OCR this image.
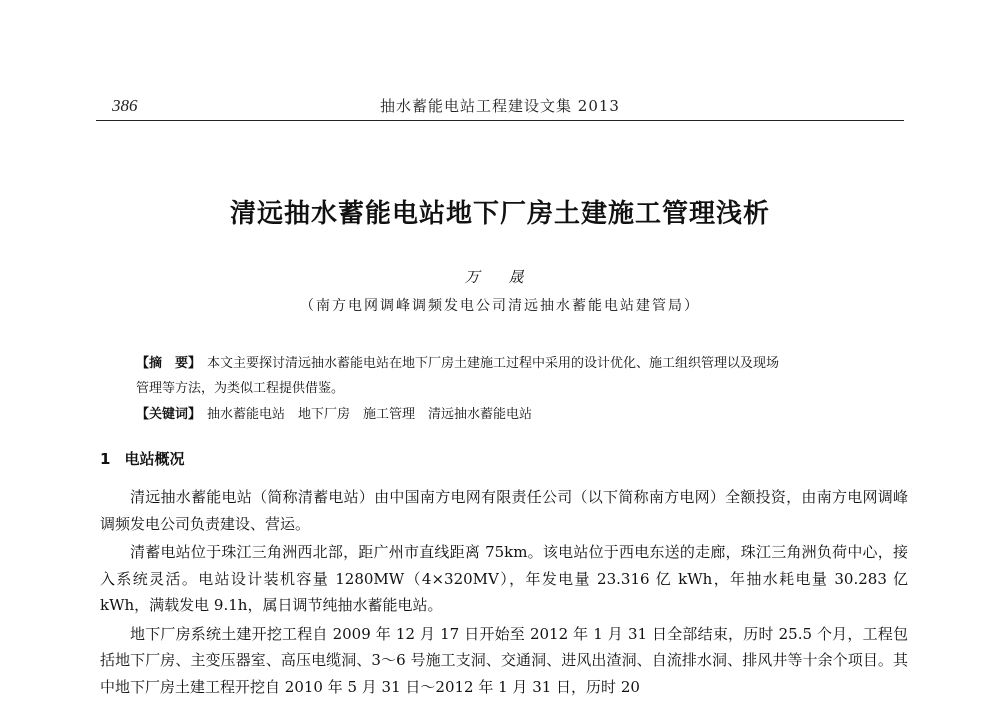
386	抽水蓄能电站工程建设文集 2013
清远抽水蓄能电站地下厂房土建施工管理浅析
万 晟
（南方电网调峰调频发电公司清远抽水蓄能电站建管局）
【摘　要】 本文主要探讨清远抽水蓄能电站在地下厂房土建施工过程中采用的设计优化、施工组织管理以及现场
管理等方法，为类似工程提供借鉴。
【关键词】 抽水蓄能电站　地下厂房　施工管理　清远抽水蓄能电站
1 电站概况

清远抽水蓄能电站（简称清蓄电站）由中国南方电网有限责任公司（以下简称南方电网）全额投资，由南方电网调峰调频发电公司负责建设、营运。

清蓄电站位于珠江三角洲西北部，距广州市直线距离 75km。该电站位于西电东送的走廊，珠江三角洲负荷中心，接入系统灵活。电站设计装机容量 1280MW（4×320MV），年发电量 23.316 亿 kWh，年抽水耗电量 30.283 亿 kWh，满载发电 9.1h，属日调节纯抽水蓄能电站。

地下厂房系统土建开挖工程自 2009 年 12 月 17 日开始至 2012 年 1 月 31 日全部结束，历时 25.5 个月，工程包括地下厂房、主变压器室、高压电缆洞、3～6 号施工支洞、交通洞、进风出渣洞、自流排水洞、排风井等十余个项目。其中地下厂房土建工程开挖自 2010 年 5 月 31 日～2012 年 1 月 31 日，历时 20
